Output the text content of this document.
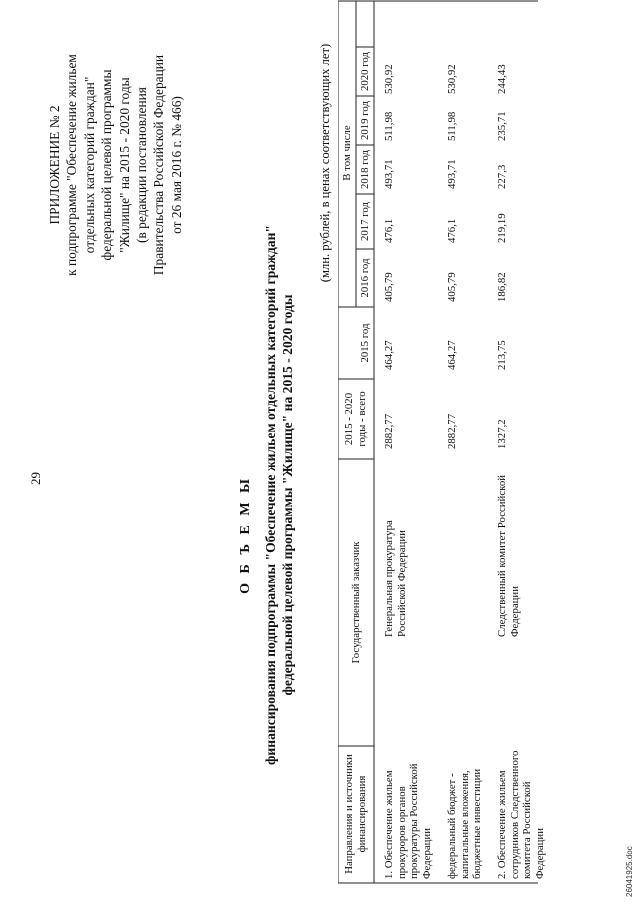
29
ПРИЛОЖЕНИЕ № 2 к подпрограмме "Обеспечение жильем отдельных категорий граждан" федеральной целевой программы "Жилище" на 2015 - 2020 годы (в редакции постановления Правительства Российской Федерации от 26 мая 2016 г. № 466)
О Б Ъ Е М Ы финансирования подпрограммы "Обеспечение жильем отдельных категорий граждан" федеральной целевой программы "Жилище" на 2015 - 2020 годы
(млн. рублей, в ценах соответствующих лет)
Направления и источники финансирования
Государственный заказчик
2015 - 2020 годы - всего
В том числе
2015 год
2016 год
2017 год
2018 год
2019 год
2020 год
1. Обеспечение жильем прокуроров органов прокуратуры Российской Федерации
Генеральная прокуратура Российской Федерации
2882,77
464,27
405,79
476,1
493,71
511,98
530,92
федеральный бюджет - капитальные вложения, бюджетные инвестиции
2882,77
464,27
405,79
476,1
493,71
511,98
530,92
2. Обеспечение жильем сотрудников Следственного комитета Российской Федерации
Следственный комитет Российской Федерации
1327,2
213,75
186,82
219,19
227,3
235,71
244,43
26041925.doc
